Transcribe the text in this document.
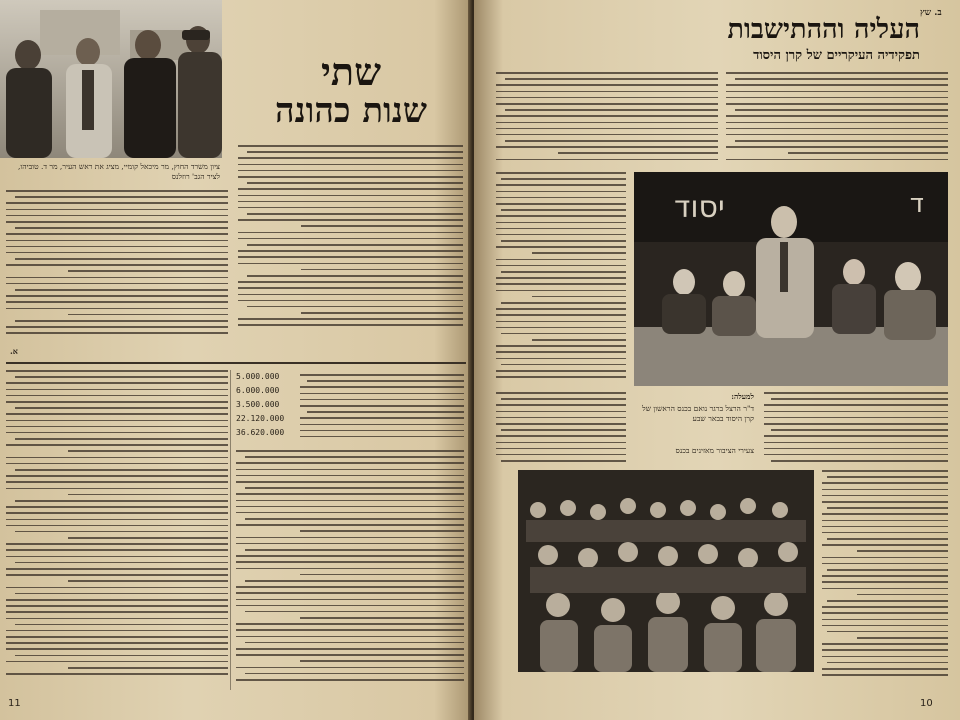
ציון משרד החוץ, מר מיכאל קומיי, מציג את ראש העיר, מר ד. טוביהו, לציר הגב' רוזלנס
שתי
שנות כהונה
א.
5.000.000
6.000.000
3.500.000
22.120.000
36.620.000
11
ב. שץ
העליה וההתישבות
תפקידיה העיקריים של קרן היסוד
ד
יסוד
למעלה:
ד"ר הרצל ברגר נואם בכנס הראשון של קרן היסוד בבאר שבע
צעירי הציבור מאזינים בכנס
10
